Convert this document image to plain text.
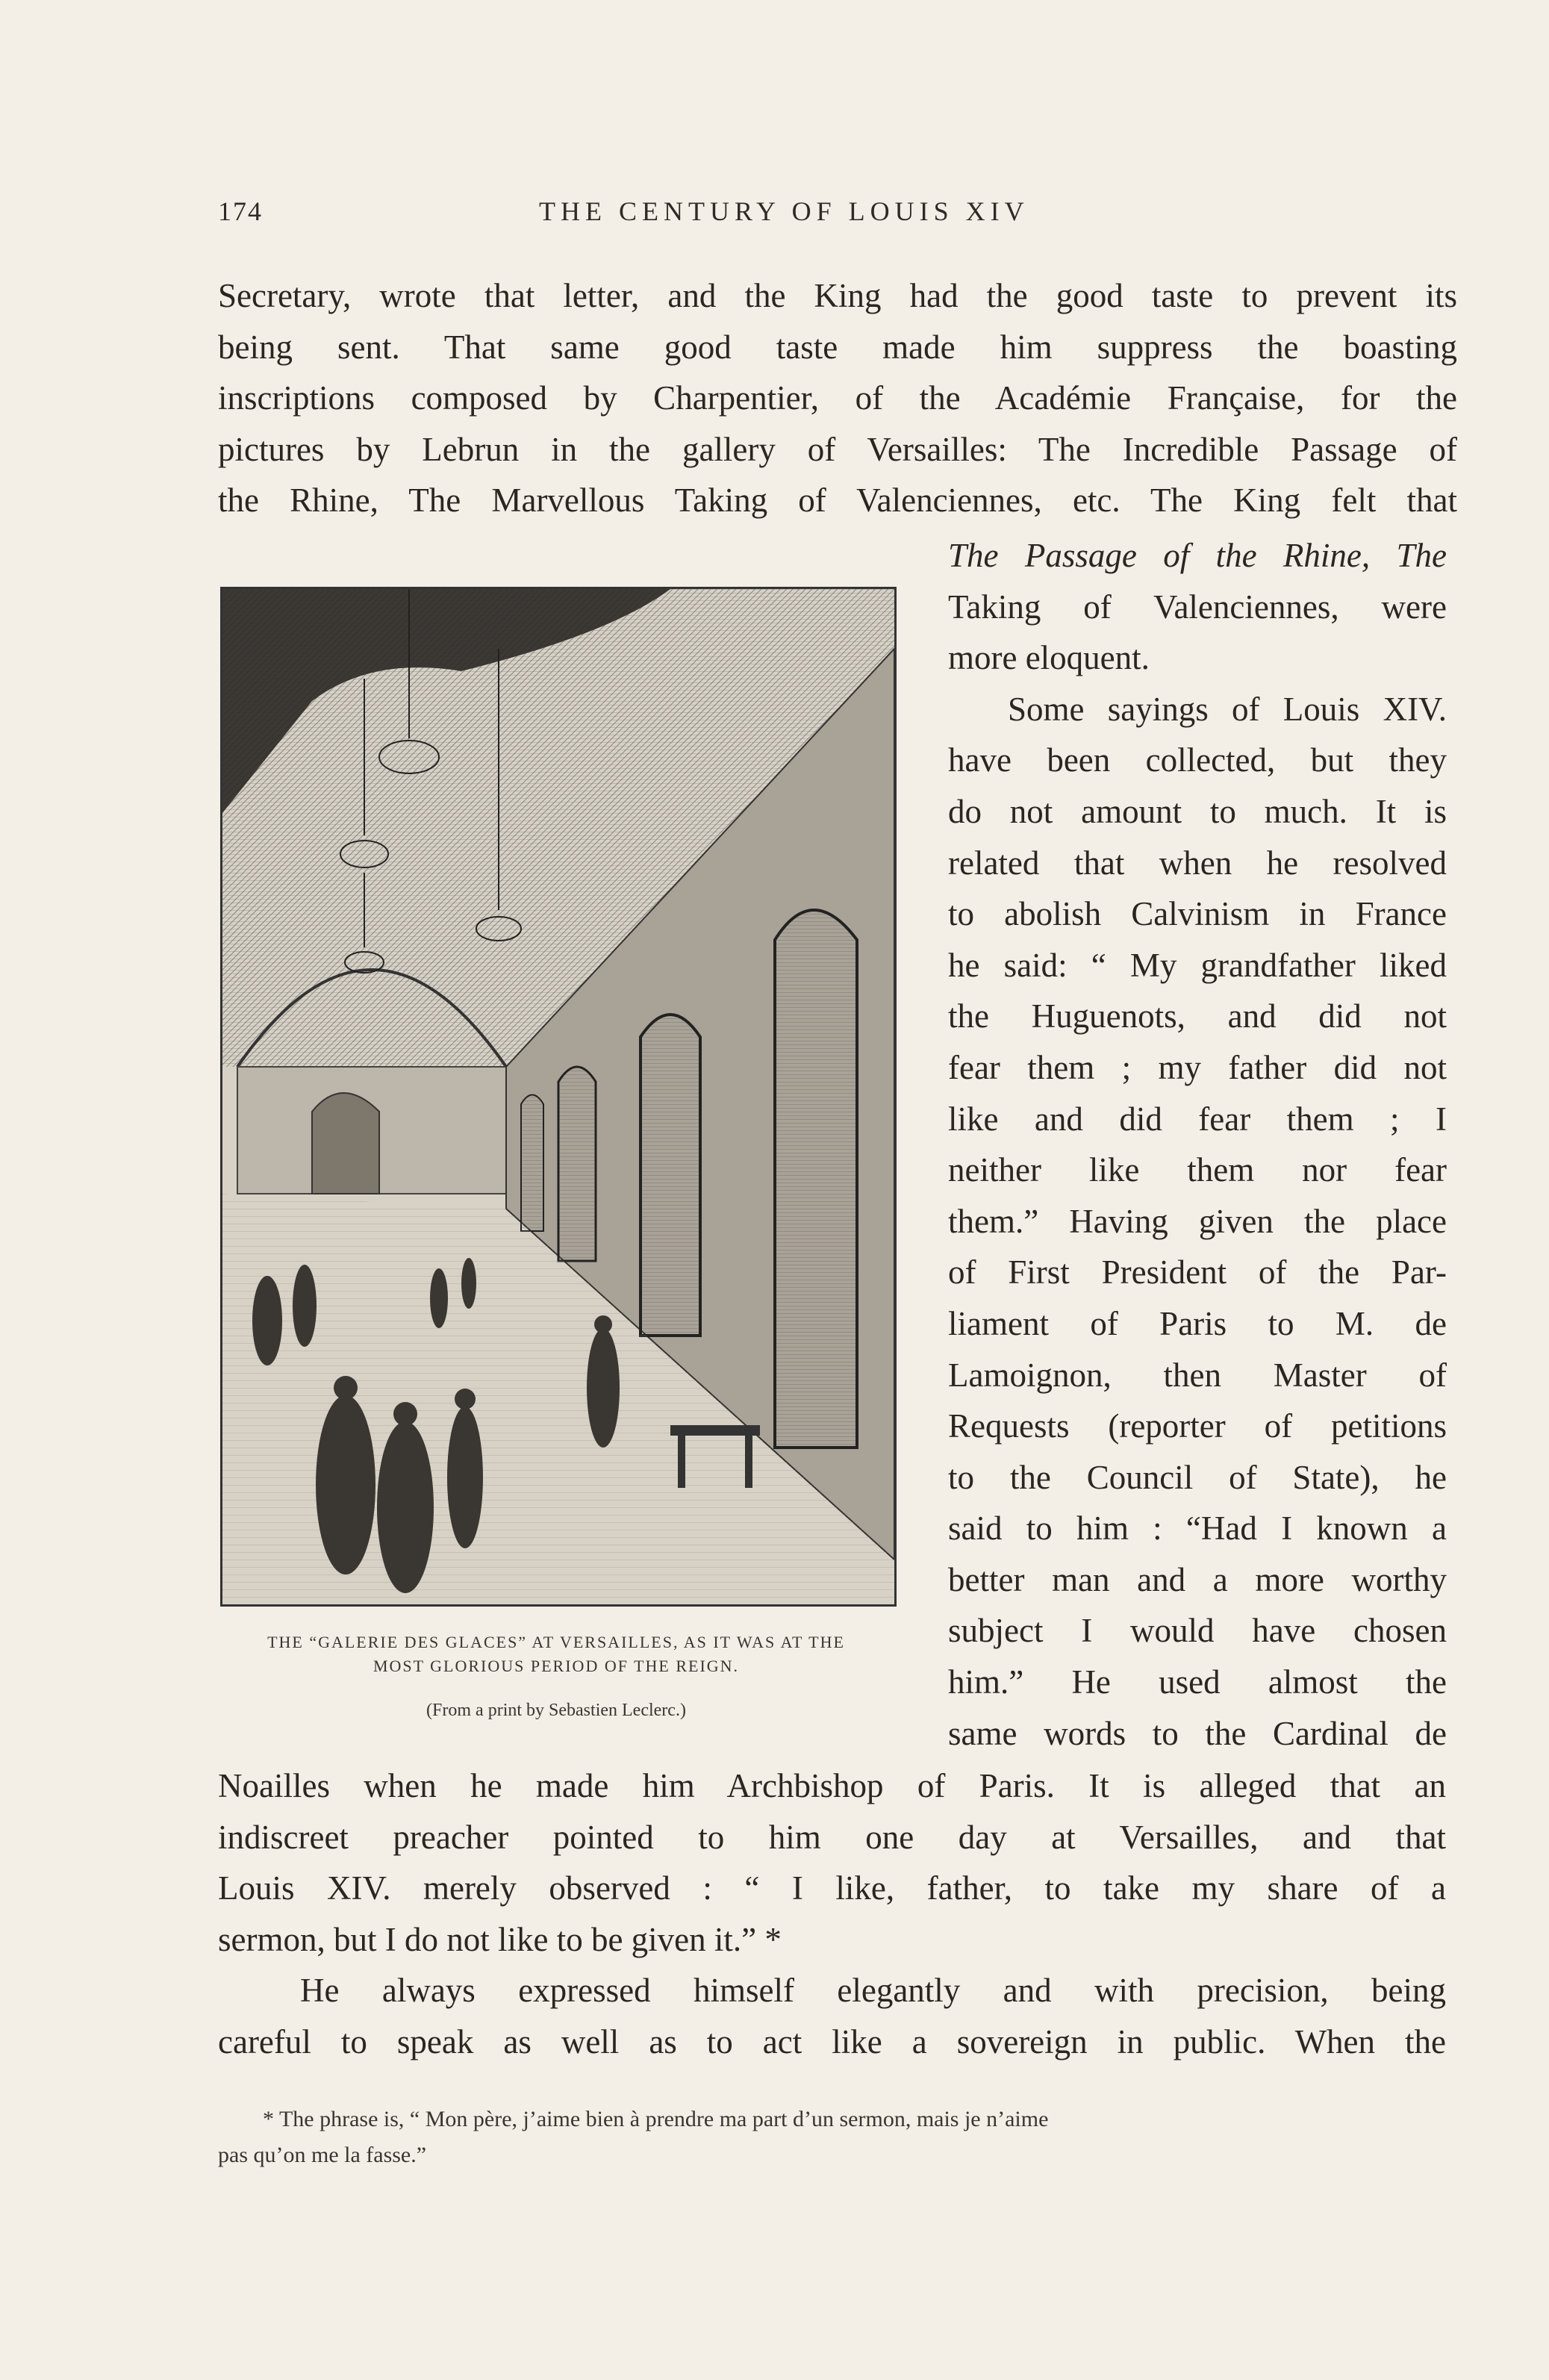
174	THE CENTURY OF LOUIS XIV
Secretary, wrote that letter, and the King had the good taste to prevent its
being sent. That same good taste made him suppress the boasting
inscriptions composed by Charpentier, of the Académie Française, for the
pictures by Lebrun in the gallery of Versailles: The Incredible Passage of
the Rhine, The Marvellous Taking of Valenciennes, etc. The King felt that
The Passage of the Rhine, The
Taking of Valenciennes, were
more eloquent.
Some sayings of Louis XIV.
have been collected, but they
do not amount to much. It is
related that when he resolved
to abolish Calvinism in France
he said: “ My grandfather liked
the Huguenots, and did not
fear them ; my father did not
like and did fear them ; I
neither like them nor fear
them.” Having given the place
of First President of the Par-
liament of Paris to M. de
Lamoignon, then Master of
Requests (reporter of petitions
to the Council of State), he
said to him : “Had I known a
better man and a more worthy
subject I would have chosen
him.” He used almost the
same words to the Cardinal de
Noailles when he made him Archbishop of Paris. It is alleged that an
indiscreet preacher pointed to him one day at Versailles, and that
Louis XIV. merely observed : “ I like, father, to take my share of a
sermon, but I do not like to be given it.” *
He always expressed himself elegantly and with precision, being
careful to speak as well as to act like a sovereign in public. When the
THE “GALERIE DES GLACES” AT VERSAILLES, AS IT WAS AT THE
MOST GLORIOUS PERIOD OF THE REIGN.
(From a print by Sebastien Leclerc.)
* The phrase is, “ Mon père, j’aime bien à prendre ma part d’un sermon, mais je n’aime
pas qu’on me la fasse.”
